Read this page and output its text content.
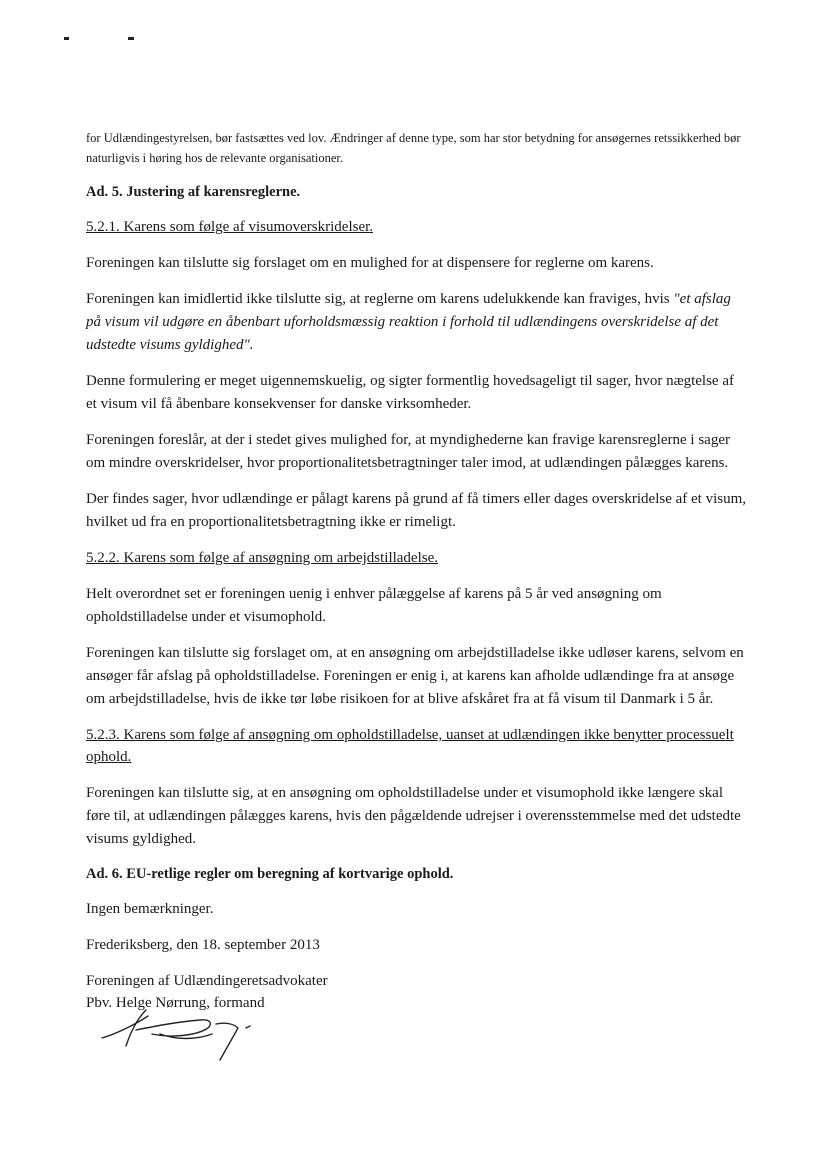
for Udlændingestyrelsen, bør fastsættes ved lov. Ændringer af denne type, som har stor betydning for ansøgernes retssikkerhed bør naturligvis i høring hos de relevante organisationer.

Ad. 5. Justering af karensreglerne.
5.2.1. Karens som følge af visumoverskridelser.

Foreningen kan tilslutte sig forslaget om en mulighed for at dispensere for reglerne om karens.

Foreningen kan imidlertid ikke tilslutte sig, at reglerne om karens udelukkende kan fraviges, hvis "et afslag på visum vil udgøre en åbenbart uforholdsmæssig reaktion i forhold til udlændingens overskridelse af det udstedte visums gyldighed".

Denne formulering er meget uigennemskuelig, og sigter formentlig hovedsageligt til sager, hvor nægtelse af et visum vil få åbenbare konsekvenser for danske virksomheder.

Foreningen foreslår, at der i stedet gives mulighed for, at myndighederne kan fravige karensreglerne i sager om mindre overskridelser, hvor proportionalitetsbetragtninger taler imod, at udlændingen pålægges karens.

Der findes sager, hvor udlændinge er pålagt karens på grund af få timers eller dages overskridelse af et visum, hvilket ud fra en proportionalitetsbetragtning ikke er rimeligt.

5.2.2. Karens som følge af ansøgning om arbejdstilladelse.

Helt overordnet set er foreningen uenig i enhver pålæggelse af karens på 5 år ved ansøgning om opholdstilladelse under et visumophold.

Foreningen kan tilslutte sig forslaget om, at en ansøgning om arbejdstilladelse ikke udløser karens, selvom en ansøger får afslag på opholdstilladelse. Foreningen er enig i, at karens kan afholde udlændinge fra at ansøge om arbejdstilladelse, hvis de ikke tør løbe risikoen for at blive afskåret fra at få visum til Danmark i 5 år.

5.2.3. Karens som følge af ansøgning om opholdstilladelse, uanset at udlændingen ikke benytter processuelt ophold.

Foreningen kan tilslutte sig, at en ansøgning om opholdstilladelse under et visumophold ikke længere skal føre til, at udlændingen pålægges karens, hvis den pågældende udrejser i overensstemmelse med det udstedte visums gyldighed.

Ad. 6. EU-retlige regler om beregning af kortvarige ophold.

Ingen bemærkninger.

Frederiksberg, den 18. september 2013

Foreningen af Udlændingeretsadvokater
Pbv. Helge Nørrung, formand
